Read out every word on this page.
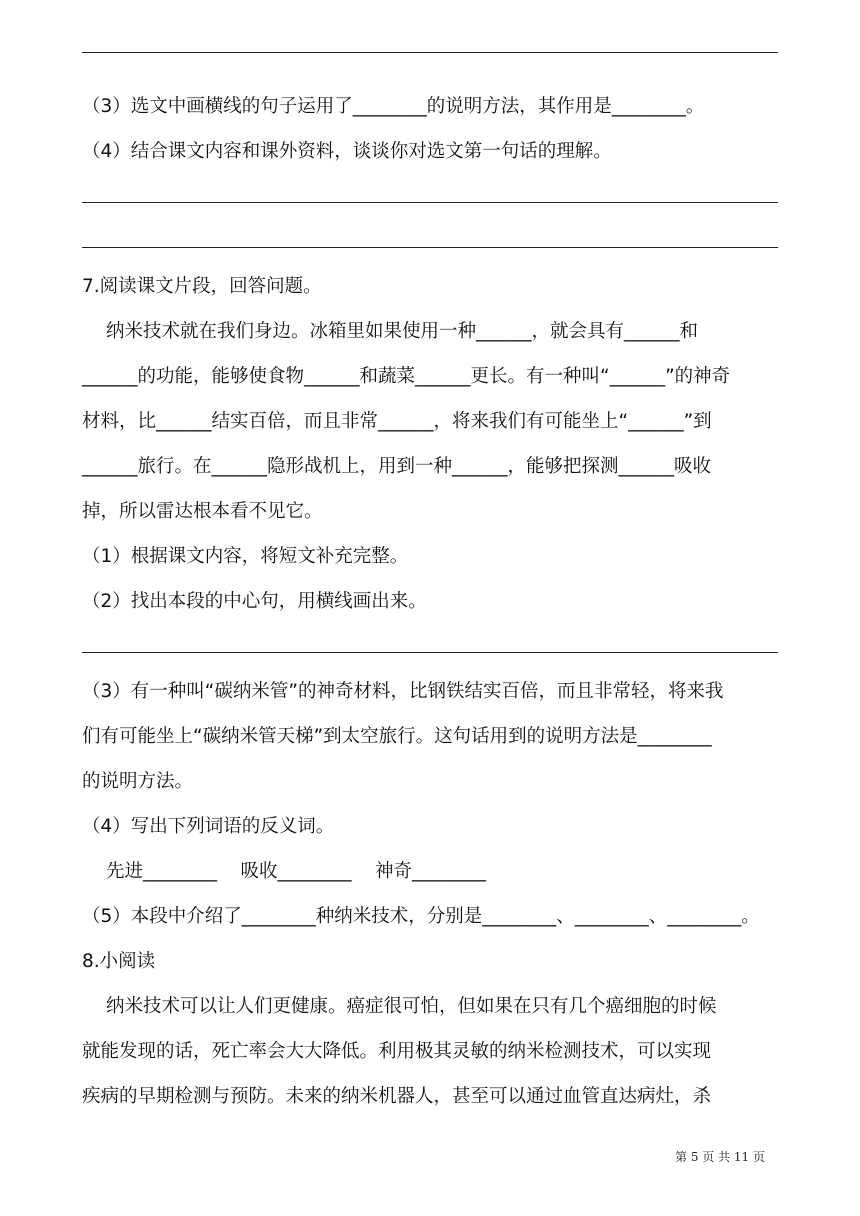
（3）选文中画横线的句子运用了________的说明方法，其作用是________。
（4）结合课文内容和课外资料，谈谈你对选文第一句话的理解。
7.阅读课文片段，回答问题。
纳米技术就在我们身边。冰箱里如果使用一种______，就会具有______和
______的功能，能够使食物______和蔬菜______更长。有一种叫“______”的神奇
材料，比______结实百倍，而且非常______，将来我们有可能坐上“______”到
______旅行。在______隐形战机上，用到一种______，能够把探测______吸收
掉，所以雷达根本看不见它。
（1）根据课文内容，将短文补充完整。
（2）找出本段的中心句，用横线画出来。
（3）有一种叫“碳纳米管”的神奇材料，比钢铁结实百倍，而且非常轻，将来我
们有可能坐上“碳纳米管天梯”到太空旅行。这句话用到的说明方法是________
的说明方法。
（4）写出下列词语的反义词。
先进________    吸收________    神奇________
（5）本段中介绍了________种纳米技术，分别是________、________、________。
8.小阅读
纳米技术可以让人们更健康。癌症很可怕，但如果在只有几个癌细胞的时候
就能发现的话，死亡率会大大降低。利用极其灵敏的纳米检测技术，可以实现
疾病的早期检测与预防。未来的纳米机器人，甚至可以通过血管直达病灶，杀
第 5 页 共 11 页
